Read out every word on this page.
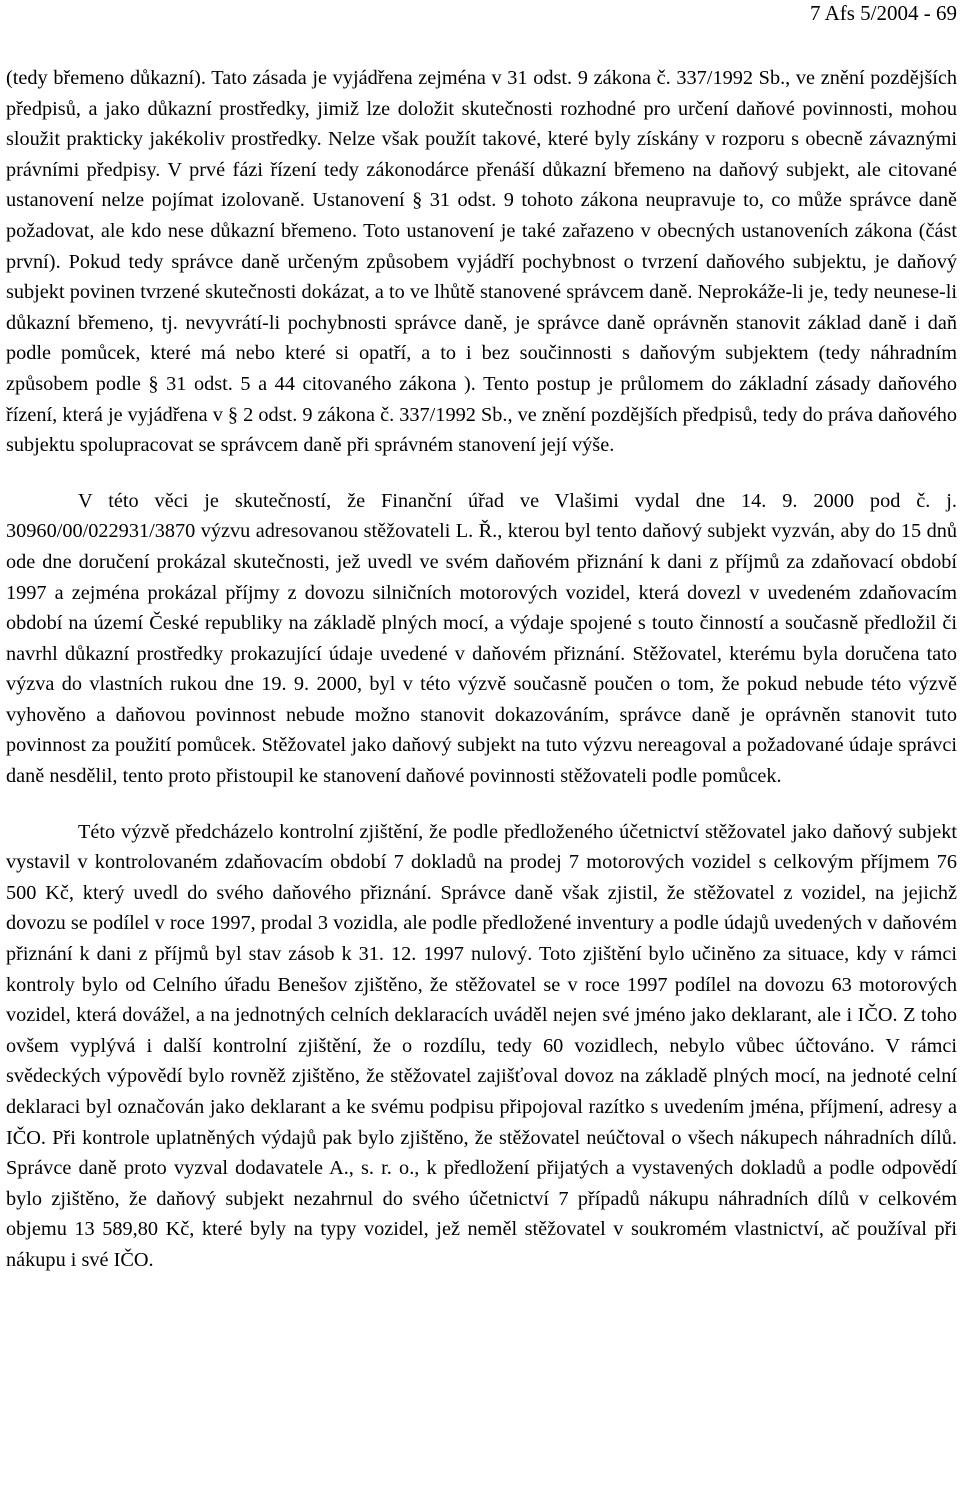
7 Afs 5/2004 - 69

(tedy břemeno důkazní). Tato zásada je vyjádřena zejména v 31 odst. 9 zákona č. 337/1992 Sb., ve znění pozdějších předpisů, a jako důkazní prostředky, jimiž lze doložit skutečnosti rozhodné pro určení daňové povinnosti, mohou sloužit prakticky jakékoliv prostředky. Nelze však použít takové, které byly získány v rozporu s obecně závaznými právními předpisy. V prvé fázi řízení tedy zákonodárce přenáší důkazní břemeno na daňový subjekt, ale citované ustanovení nelze pojímat izolovaně. Ustanovení § 31 odst. 9 tohoto zákona neupravuje to, co může správce daně požadovat, ale kdo nese důkazní břemeno. Toto ustanovení je také zařazeno v obecných ustanoveních zákona (část první). Pokud tedy správce daně určeným způsobem vyjádří pochybnost o tvrzení daňového subjektu, je daňový subjekt povinen tvrzené skutečnosti dokázat, a to ve lhůtě stanovené správcem daně. Neprokáže-li je, tedy neunese-li důkazní břemeno, tj. nevyvrátí-li pochybnosti správce daně, je správce daně oprávněn stanovit základ daně i daň podle pomůcek, které má nebo které si opatří, a to i bez součinnosti s daňovým subjektem (tedy náhradním způsobem podle § 31 odst. 5 a 44 citovaného zákona ). Tento postup je průlomem do základní zásady daňového řízení, která je vyjádřena v § 2 odst. 9 zákona č. 337/1992 Sb., ve znění pozdějších předpisů, tedy do práva daňového subjektu spolupracovat se správcem daně při správném stanovení její výše.

V této věci je skutečností, že Finanční úřad ve Vlašimi vydal dne 14. 9. 2000 pod č. j. 30960/00/022931/3870 výzvu adresovanou stěžovateli L. Ř., kterou byl tento daňový subjekt vyzván, aby do 15 dnů ode dne doručení prokázal skutečnosti, jež uvedl ve svém daňovém přiznání k dani z příjmů za zdaňovací období 1997 a zejména prokázal příjmy z dovozu silničních motorových vozidel, která dovezl v uvedeném zdaňovacím období na území České republiky na základě plných mocí, a výdaje spojené s touto činností a současně předložil či navrhl důkazní prostředky prokazující údaje uvedené v daňovém přiznání. Stěžovatel, kterému byla doručena tato výzva do vlastních rukou dne 19. 9. 2000, byl v této výzvě současně poučen o tom, že pokud nebude této výzvě vyhověno a daňovou povinnost nebude možno stanovit dokazováním, správce daně je oprávněn stanovit tuto povinnost za použití pomůcek. Stěžovatel jako daňový subjekt na tuto výzvu nereagoval a požadované údaje správci daně nesdělil, tento proto přistoupil ke stanovení daňové povinnosti stěžovateli podle pomůcek.

Této výzvě předcházelo kontrolní zjištění, že podle předloženého účetnictví stěžovatel jako daňový subjekt vystavil v kontrolovaném zdaňovacím období 7 dokladů na prodej 7 motorových vozidel s celkovým příjmem 76 500 Kč, který uvedl do svého daňového přiznání. Správce daně však zjistil, že stěžovatel z vozidel, na jejichž dovozu se podílel v roce 1997, prodal 3 vozidla, ale podle předložené inventury a podle údajů uvedených v daňovém přiznání k dani z příjmů byl stav zásob k 31. 12. 1997 nulový. Toto zjištění bylo učiněno za situace, kdy v rámci kontroly bylo od Celního úřadu Benešov zjištěno, že stěžovatel se v roce 1997 podílel na dovozu 63 motorových vozidel, která dovážel, a na jednotných celních deklaracích uváděl nejen své jméno jako deklarant, ale i IČO. Z toho ovšem vyplývá i další kontrolní zjištění, že o rozdílu, tedy 60 vozidlech, nebylo vůbec účtováno. V rámci svědeckých výpovědí bylo rovněž zjištěno, že stěžovatel zajišťoval dovoz na základě plných mocí, na jednoté celní deklaraci byl označován jako deklarant a ke svému podpisu připojoval razítko s uvedením jména, příjmení, adresy a IČO. Při kontrole uplatněných výdajů pak bylo zjištěno, že stěžovatel neúčtoval o všech nákupech náhradních dílů. Správce daně proto vyzval dodavatele A., s. r. o., k předložení přijatých a vystavených dokladů a podle odpovědí bylo zjištěno, že daňový subjekt nezahrnul do svého účetnictví 7 případů nákupu náhradních dílů v celkovém objemu 13 589,80 Kč, které byly na typy vozidel, jež neměl stěžovatel v soukromém vlastnictví, ač používal při nákupu i své IČO.
